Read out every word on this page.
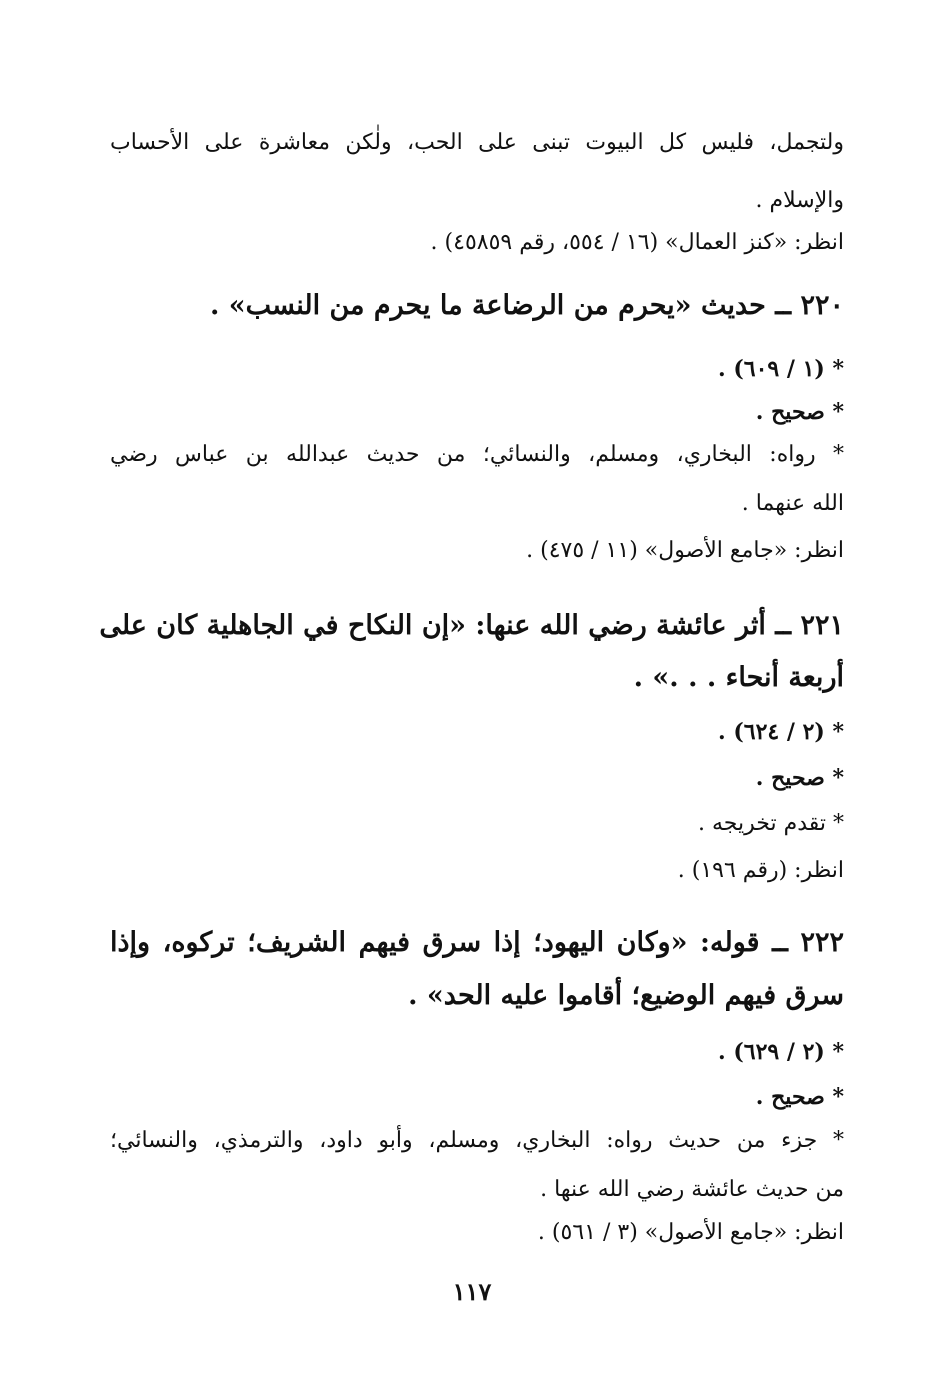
ولتجمل، فليس كل البيوت تبنى على الحب، ولٰكن معاشرة على الأحساب
والإسلام .
انظر: «كنز العمال» (١٦ / ٥٥٤، رقم ٤٥٨٥٩) .
٢٢٠ ــ حديث «يحرم من الرضاعة ما يحرم من النسب» .
* (١ / ٦٠٩) .
* صحيح .
* رواه: البخاري، ومسلم، والنسائي؛ من حديث عبدالله بن عباس رضي
الله عنهما .
انظر: «جامع الأصول» (١١ / ٤٧٥) .
٢٢١ ــ أثر عائشة رضي الله عنها: «إن النكاح في الجاهلية كان على
أربعة أنحاء . . .» .
* (٢ / ٦٢٤) .
* صحيح .
* تقدم تخريجه .
انظر: (رقم ١٩٦) .
٢٢٢ ــ قوله: «وكان اليهود؛ إذا سرق فيهم الشريف؛ تركوه، وإذا
سرق فيهم الوضيع؛ أقاموا عليه الحد» .
* (٢ / ٦٢٩) .
* صحيح .
* جزء من حديث رواه: البخاري، ومسلم، وأبو داود، والترمذي، والنسائي؛
من حديث عائشة رضي الله عنها .
انظر: «جامع الأصول» (٣ / ٥٦١) .
١١٧
